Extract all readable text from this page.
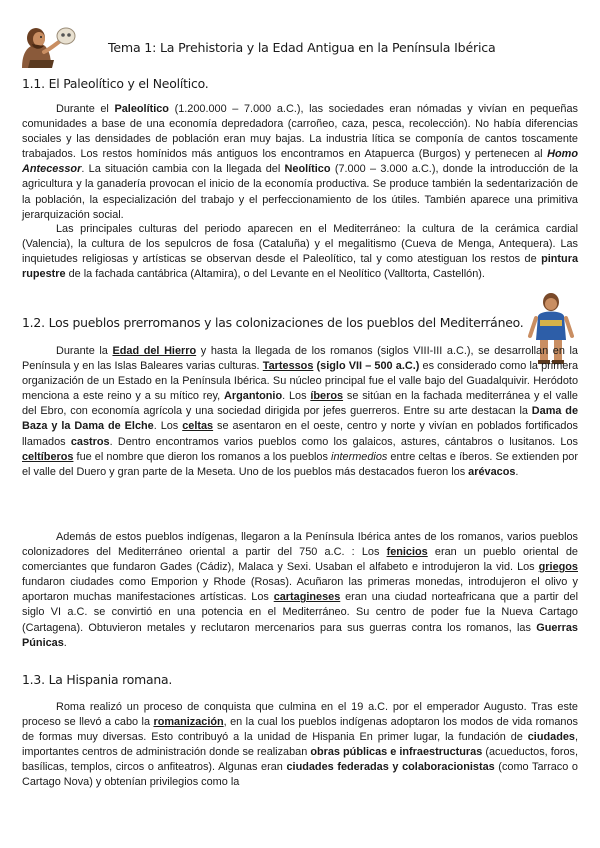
Tema 1: La Prehistoria y la Edad Antigua en la Península Ibérica
1.1. El Paleolítico y el Neolítico.

Durante el Paleolítico (1.200.000 – 7.000 a.C.), las sociedades eran nómadas y vivían en pequeñas comunidades a base de una economía depredadora (carroñeo, caza, pesca, recolección). No había diferencias sociales y las densidades de población eran muy bajas. La industria lítica se componía de cantos toscamente trabajados. Los restos homínidos más antiguos los encontramos en Atapuerca (Burgos) y pertenecen al Homo Antecessor. La situación cambia con la llegada del Neolítico (7.000 – 3.000 a.C.), donde la introducción de la agricultura y la ganadería provocan el inicio de la economía productiva. Se produce también la sedentarización de la población, la especialización del trabajo y el perfeccionamiento de los útiles. También aparece una primitiva jerarquización social.

Las principales culturas del periodo aparecen en el Mediterráneo: la cultura de la cerámica cardial (Valencia), la cultura de los sepulcros de fosa (Cataluña) y el megalitismo (Cueva de Menga, Antequera). Las inquietudes religiosas y artísticas se observan desde el Paleolítico, tal y como atestiguan los restos de pintura rupestre de la fachada cantábrica (Altamira), o del Levante en el Neolítico (Valltorta, Castellón).

1.2. Los pueblos prerromanos y las colonizaciones de los pueblos del Mediterráneo.

Durante la Edad del Hierro y hasta la llegada de los romanos (siglos VIII-III a.C.), se desarrollan en la Península y en las Islas Baleares varias culturas. Tartessos (siglo VII – 500 a.C.) es considerado como la primera organización de un Estado en la Península Ibérica. Su núcleo principal fue el valle bajo del Guadalquivir. Heródoto menciona a este reino y a su mítico rey, Argantonio. Los íberos se sitúan en la fachada mediterránea y el valle del Ebro, con economía agrícola y una sociedad dirigida por jefes guerreros. Entre su arte destacan la Dama de Baza y la Dama de Elche. Los celtas se asentaron en el oeste, centro y norte y vivían en poblados fortificados llamados castros. Dentro encontramos varios pueblos como los galaicos, astures, cántabros o lusitanos. Los celtíberos fue el nombre que dieron los romanos a los pueblos intermedios entre celtas e íberos. Se extienden por el valle del Duero y gran parte de la Meseta. Uno de los pueblos más destacados fueron los arévacos.

Además de estos pueblos indígenas, llegaron a la Península Ibérica antes de los romanos, varios pueblos colonizadores del Mediterráneo oriental a partir del 750 a.C. : Los fenicios eran un pueblo oriental de comerciantes que fundaron Gades (Cádiz), Malaca y Sexi. Usaban el alfabeto e introdujeron la vid. Los griegos fundaron ciudades como Emporion y Rhode (Rosas). Acuñaron las primeras monedas, introdujeron el olivo y aportaron muchas manifestaciones artísticas. Los cartagineses eran una ciudad norteafricana que a partir del siglo VI a.C. se convirtió en una potencia en el Mediterráneo. Su centro de poder fue la Nueva Cartago (Cartagena). Obtuvieron metales y reclutaron mercenarios para sus guerras contra los romanos, las Guerras Púnicas.

1.3. La Hispania romana.

Roma realizó un proceso de conquista que culmina en el 19 a.C. por el emperador Augusto. Tras este proceso se llevó a cabo la romanización, en la cual los pueblos indígenas adoptaron los modos de vida romanos de formas muy diversas. Esto contribuyó a la unidad de Hispania En primer lugar, la fundación de ciudades, importantes centros de administración donde se realizaban obras públicas e infraestructuras (acueductos, foros, basílicas, templos, circos o anfiteatros). Algunas eran ciudades federadas y colaboracionistas (como Tarraco o Cartago Nova) y obtenían privilegios como la
